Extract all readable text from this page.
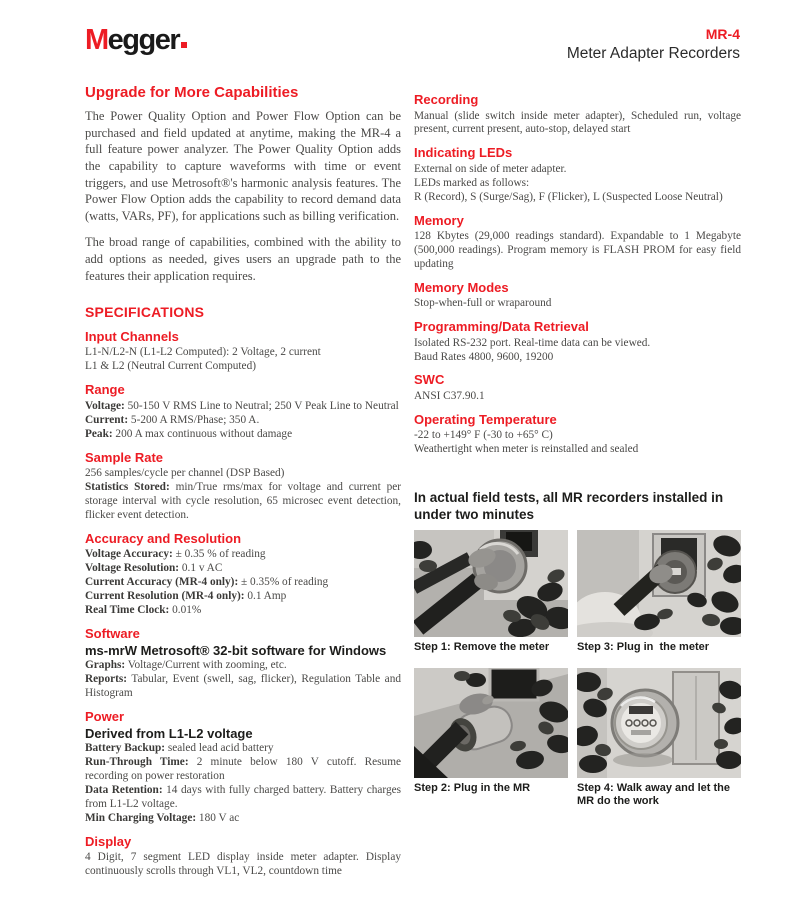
Megger	MR-4
Meter Adapter Recorders
Upgrade for More Capabilities

The Power Quality Option and Power Flow Option can be purchased and field updated at anytime, making the MR-4 a full feature power analyzer. The Power Quality Option adds the capability to capture waveforms with time or event triggers, and use Metrosoft®'s harmonic analysis features. The Power Flow Option adds the capability to record demand data (watts, VARs, PF), for applications such as billing verification.

The broad range of capabilities, combined with the ability to add options as needed, gives users an upgrade path to the features their application requires.

SPECIFICATIONS
Input Channels
L1-N/L2-N (L1-L2 Computed): 2 Voltage, 2 current
L1 & L2 (Neutral Current Computed)
Range
Voltage: 50-150 V RMS Line to Neutral; 250 V Peak Line to Neutral
Current: 5-200 A RMS/Phase; 350 A.
Peak: 200 A max continuous without damage
Sample Rate
256 samples/cycle per channel (DSP Based)
Statistics Stored: min/True rms/max for voltage and current per storage interval with cycle resolution, 65 microsec event detection, flicker event detection.
Accuracy and Resolution
Voltage Accuracy: ± 0.35 % of reading
Voltage Resolution: 0.1 v AC
Current Accuracy (MR-4 only): ± 0.35% of reading
Current Resolution (MR-4 only): 0.1 Amp
Real Time Clock: 0.01%
Software
ms-mrW Metrosoft® 32-bit software for Windows
Graphs: Voltage/Current with zooming, etc.
Reports: Tabular, Event (swell, sag, flicker), Regulation Table and Histogram
Power
Derived from L1-L2 voltage
Battery Backup: sealed lead acid battery
Run-Through Time: 2 minute below 180 V cutoff. Resume recording on power restoration
Data Retention: 14 days with fully charged battery. Battery charges from L1-L2 voltage.
Min Charging Voltage: 180 V ac
Display
4 Digit, 7 segment LED display inside meter adapter. Display continuously scrolls through VL1, VL2, countdown time
Recording
Manual (slide switch inside meter adapter), Scheduled run, voltage present, current present, auto-stop, delayed start
Indicating LEDs
External on side of meter adapter.
LEDs marked as follows:
R (Record), S (Surge/Sag), F (Flicker), L (Suspected Loose Neutral)
Memory
128 Kbytes (29,000 readings standard). Expandable to 1 Megabyte (500,000 readings). Program memory is FLASH PROM for easy field updating
Memory Modes
Stop-when-full or wraparound
Programming/Data Retrieval
Isolated RS-232 port. Real-time data can be viewed.
Baud Rates 4800, 9600, 19200
SWC
ANSI C37.90.1
Operating Temperature
-22 to +149° F (-30 to +65° C)
Weathertight when meter is reinstalled and sealed
In actual field tests, all MR recorders installed in under two minutes
Step 1: Remove the meter	Step 3: Plug in  the meter
Step 2: Plug in the MR	Step 4: Walk away and let the MR do the work
